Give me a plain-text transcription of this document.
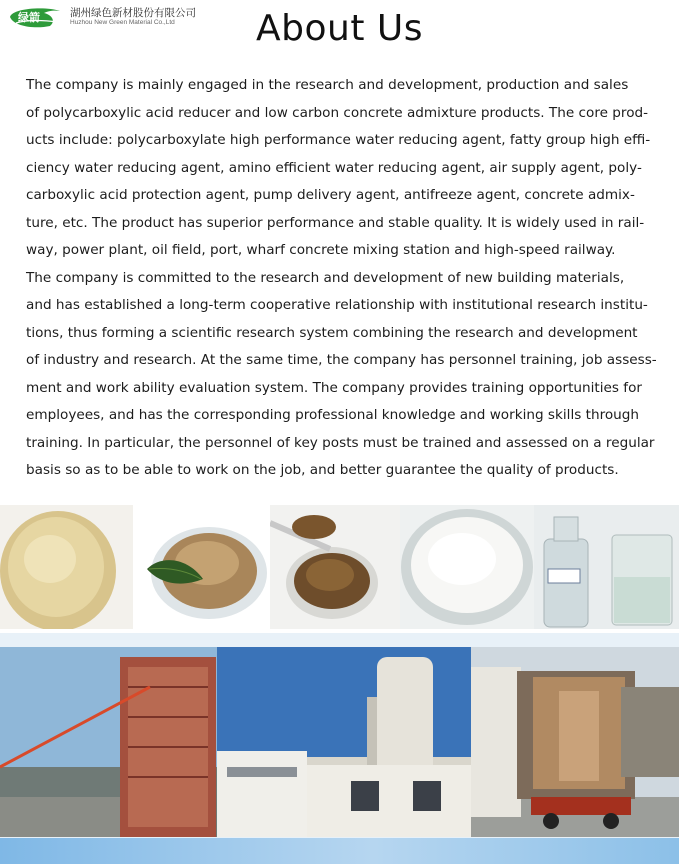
绿箭	湖州绿色新材股份有限公司
Huzhou New Green Material Co.,Ltd	About Us
The company is mainly engaged in the research and development, production and sales
of polycarboxylic acid reducer and low carbon concrete admixture products. The core prod-
ucts include: polycarboxylate high performance water reducing agent, fatty group high effi-
ciency water reducing agent, amino efficient water reducing agent, air supply agent, poly-
carboxylic acid protection agent, pump delivery agent, antifreeze agent, concrete admix-
ture, etc. The product has superior performance and stable quality. It is widely used in rail-
way, power plant, oil field, port, wharf concrete mixing station and high-speed railway.
The company is committed to the research and development of new building materials,
and has established a long-term cooperative relationship with institutional research institu-
tions, thus forming a scientific research system combining the research and development
of industry and research. At the same time, the company has personnel training, job assess-
ment and work ability evaluation system. The company provides training opportunities for
employees, and has the corresponding professional knowledge and working skills through
training. In particular, the personnel of key posts must be trained and assessed on a regular
basis so as to be able to work on the job, and better guarantee the quality of products.
